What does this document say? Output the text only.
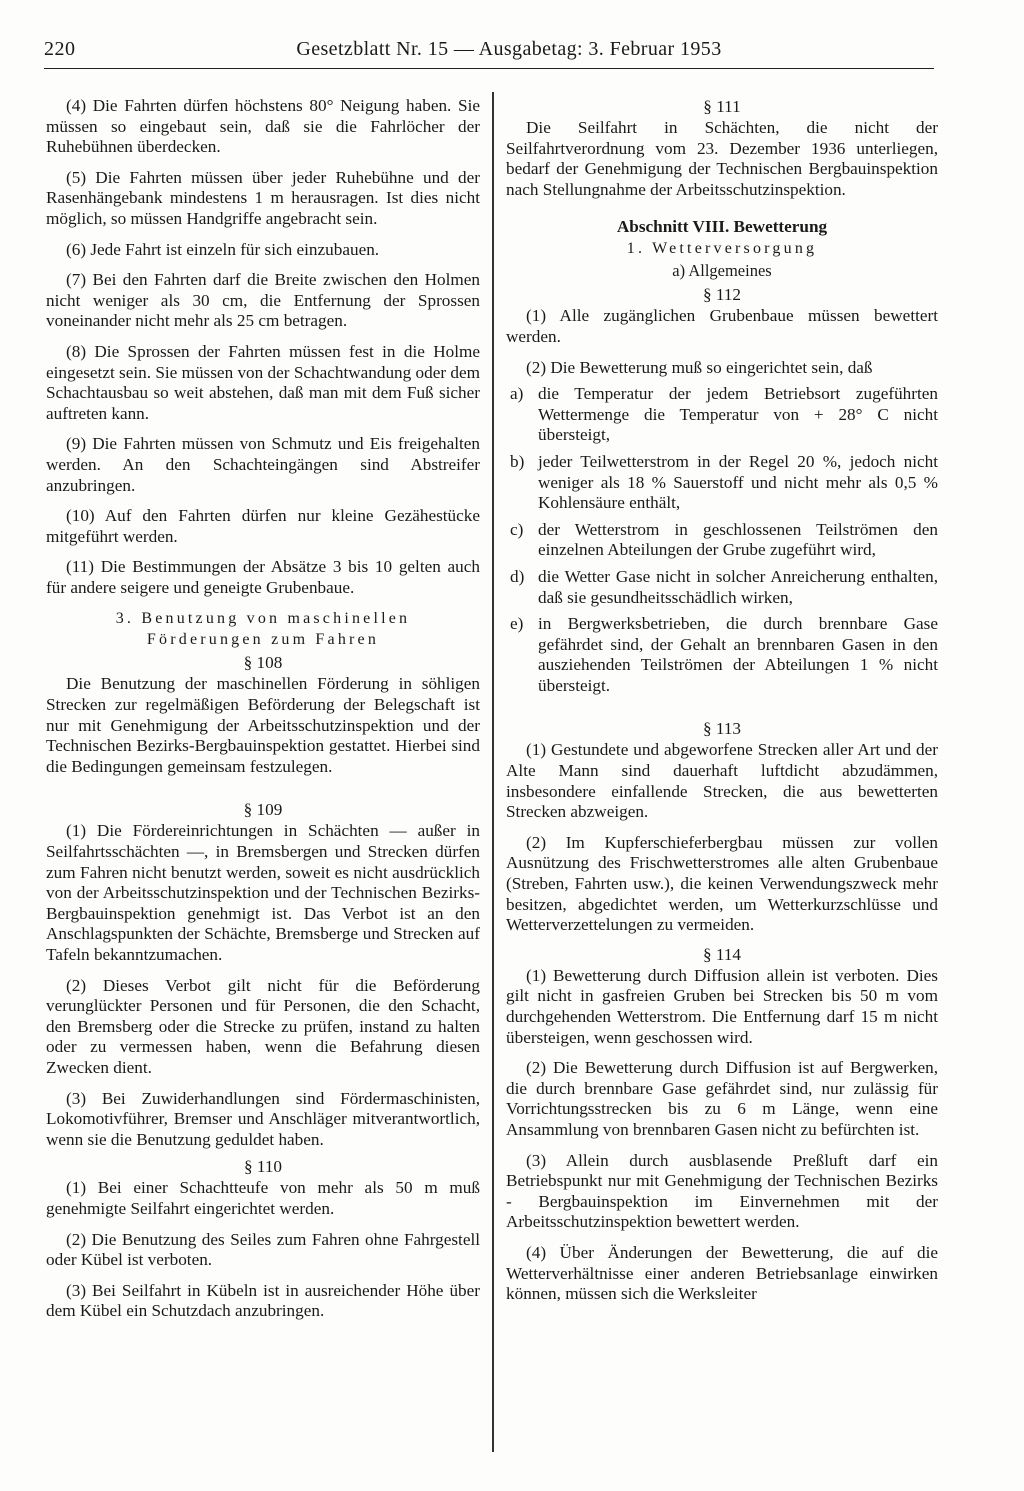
220	Gesetzblatt Nr. 15 — Ausgabetag: 3. Februar 1953

(4) Die Fahrten dürfen höchstens 80° Neigung haben. Sie müssen so eingebaut sein, daß sie die Fahrlöcher der Ruhebühnen überdecken.

(5) Die Fahrten müssen über jeder Ruhebühne und der Rasenhängebank mindestens 1 m herausragen. Ist dies nicht möglich, so müssen Handgriffe angebracht sein.

(6) Jede Fahrt ist einzeln für sich einzubauen.

(7) Bei den Fahrten darf die Breite zwischen den Holmen nicht weniger als 30 cm, die Entfernung der Sprossen voneinander nicht mehr als 25 cm betragen.

(8) Die Sprossen der Fahrten müssen fest in die Holme eingesetzt sein. Sie müssen von der Schachtwandung oder dem Schachtausbau so weit abstehen, daß man mit dem Fuß sicher auftreten kann.

(9) Die Fahrten müssen von Schmutz und Eis freigehalten werden. An den Schachteingängen sind Abstreifer anzubringen.

(10) Auf den Fahrten dürfen nur kleine Gezähestücke mitgeführt werden.

(11) Die Bestimmungen der Absätze 3 bis 10 gelten auch für andere seigere und geneigte Grubenbaue.

3. Benutzung von maschinellen
Förderungen zum Fahren
§ 108

Die Benutzung der maschinellen Förderung in söhligen Strecken zur regelmäßigen Beförderung der Belegschaft ist nur mit Genehmigung der Arbeitsschutzinspektion und der Technischen Bezirks-Bergbauinspektion gestattet. Hierbei sind die Bedingungen gemeinsam festzulegen.

§ 109

(1) Die Fördereinrichtungen in Schächten — außer in Seilfahrtsschächten —, in Bremsbergen und Strecken dürfen zum Fahren nicht benutzt werden, soweit es nicht ausdrücklich von der Arbeitsschutzinspektion und der Technischen Bezirks-Bergbauinspektion genehmigt ist. Das Verbot ist an den Anschlagspunkten der Schächte, Bremsberge und Strecken auf Tafeln bekanntzumachen.

(2) Dieses Verbot gilt nicht für die Beförderung verunglückter Personen und für Personen, die den Schacht, den Bremsberg oder die Strecke zu prüfen, instand zu halten oder zu vermessen haben, wenn die Befahrung diesen Zwecken dient.

(3) Bei Zuwiderhandlungen sind Fördermaschinisten, Lokomotivführer, Bremser und Anschläger mitverantwortlich, wenn sie die Benutzung geduldet haben.

§ 110

(1) Bei einer Schachtteufe von mehr als 50 m muß genehmigte Seilfahrt eingerichtet werden.

(2) Die Benutzung des Seiles zum Fahren ohne Fahrgestell oder Kübel ist verboten.

(3) Bei Seilfahrt in Kübeln ist in ausreichender Höhe über dem Kübel ein Schutzdach anzubringen.

§ 111

Die Seilfahrt in Schächten, die nicht der Seilfahrtverordnung vom 23. Dezember 1936 unterliegen, bedarf der Genehmigung der Technischen Bergbauinspektion nach Stellungnahme der Arbeitsschutzinspektion.

Abschnitt VIII. Bewetterung
1. Wetterversorgung
a) Allgemeines
§ 112

(1) Alle zugänglichen Grubenbaue müssen bewettert werden.

(2) Die Bewetterung muß so eingerichtet sein, daß

a) die Temperatur der jedem Betriebsort zugeführten Wettermenge die Temperatur von + 28° C nicht übersteigt,
b) jeder Teilwetterstrom in der Regel 20 %, jedoch nicht weniger als 18 % Sauerstoff und nicht mehr als 0,5 % Kohlensäure enthält,
c) der Wetterstrom in geschlossenen Teilströmen den einzelnen Abteilungen der Grube zugeführt wird,
d) die Wetter Gase nicht in solcher Anreicherung enthalten, daß sie gesundheitsschädlich wirken,
e) in Bergwerksbetrieben, die durch brennbare Gase gefährdet sind, der Gehalt an brennbaren Gasen in den ausziehenden Teilströmen der Abteilungen 1 % nicht übersteigt.
§ 113

(1) Gestundete und abgeworfene Strecken aller Art und der Alte Mann sind dauerhaft luftdicht abzudämmen, insbesondere einfallende Strecken, die aus bewetterten Strecken abzweigen.

(2) Im Kupferschieferbergbau müssen zur vollen Ausnützung des Frischwetterstromes alle alten Grubenbaue (Streben, Fahrten usw.), die keinen Verwendungszweck mehr besitzen, abgedichtet werden, um Wetterkurzschlüsse und Wetterverzettelungen zu vermeiden.

§ 114

(1) Bewetterung durch Diffusion allein ist verboten. Dies gilt nicht in gasfreien Gruben bei Strecken bis 50 m vom durchgehenden Wetterstrom. Die Entfernung darf 15 m nicht übersteigen, wenn geschossen wird.

(2) Die Bewetterung durch Diffusion ist auf Bergwerken, die durch brennbare Gase gefährdet sind, nur zulässig für Vorrichtungsstrecken bis zu 6 m Länge, wenn eine Ansammlung von brennbaren Gasen nicht zu befürchten ist.

(3) Allein durch ausblasende Preßluft darf ein Betriebspunkt nur mit Genehmigung der Technischen Bezirks - Bergbauinspektion im Einvernehmen mit der Arbeitsschutzinspektion bewettert werden.

(4) Über Änderungen der Bewetterung, die auf die Wetterverhältnisse einer anderen Betriebsanlage einwirken können, müssen sich die Werksleiter
